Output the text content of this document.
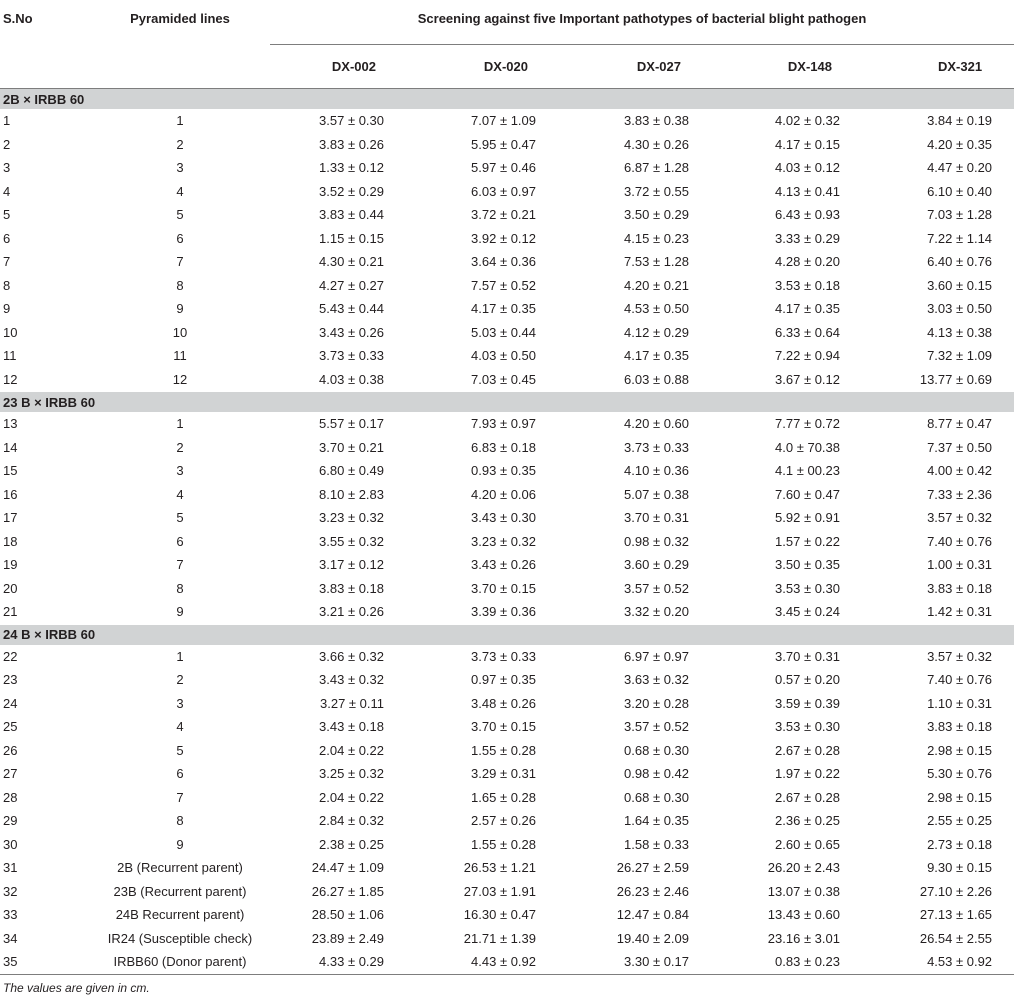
S.No	Pyramided lines	Screening against five Important pathotypes of bacterial blight pathogen				
		DX-002	DX-020	DX-027	DX-148	DX-321
2B × IRBB 60						
1	1	3.57 ± 0.30	7.07 ± 1.09	3.83 ± 0.38	4.02 ± 0.32	3.84 ± 0.19
2	2	3.83 ± 0.26	5.95 ± 0.47	4.30 ± 0.26	4.17 ± 0.15	4.20 ± 0.35
3	3	1.33 ± 0.12	5.97 ± 0.46	6.87 ± 1.28	4.03 ± 0.12	4.47 ± 0.20
4	4	3.52 ± 0.29	6.03 ± 0.97	3.72 ± 0.55	4.13 ± 0.41	6.10 ± 0.40
5	5	3.83 ± 0.44	3.72 ± 0.21	3.50 ± 0.29	6.43 ± 0.93	7.03 ± 1.28
6	6	1.15 ± 0.15	3.92 ± 0.12	4.15 ± 0.23	3.33 ± 0.29	7.22 ± 1.14
7	7	4.30 ± 0.21	3.64 ± 0.36	7.53 ± 1.28	4.28 ± 0.20	6.40 ± 0.76
8	8	4.27 ± 0.27	7.57 ± 0.52	4.20 ± 0.21	3.53 ± 0.18	3.60 ± 0.15
9	9	5.43 ± 0.44	4.17 ± 0.35	4.53 ± 0.50	4.17 ± 0.35	3.03 ± 0.50
10	10	3.43 ± 0.26	5.03 ± 0.44	4.12 ± 0.29	6.33 ± 0.64	4.13 ± 0.38
11	11	3.73 ± 0.33	4.03 ± 0.50	4.17 ± 0.35	7.22 ± 0.94	7.32 ± 1.09
12	12	4.03 ± 0.38	7.03 ± 0.45	6.03 ± 0.88	3.67 ± 0.12	13.77 ± 0.69
23 B × IRBB 60						
13	1	5.57 ± 0.17	7.93 ± 0.97	4.20 ± 0.60	7.77 ± 0.72	8.77 ± 0.47
14	2	3.70 ± 0.21	6.83 ± 0.18	3.73 ± 0.33	4.0 ± 70.38	7.37 ± 0.50
15	3	6.80 ± 0.49	0.93 ± 0.35	4.10 ± 0.36	4.1 ± 00.23	4.00 ± 0.42
16	4	8.10 ± 2.83	4.20 ± 0.06	5.07 ± 0.38	7.60 ± 0.47	7.33 ± 2.36
17	5	3.23 ± 0.32	3.43 ± 0.30	3.70 ± 0.31	5.92 ± 0.91	3.57 ± 0.32
18	6	3.55 ± 0.32	3.23 ± 0.32	0.98 ± 0.32	1.57 ± 0.22	7.40 ± 0.76
19	7	3.17 ± 0.12	3.43 ± 0.26	3.60 ± 0.29	3.50 ± 0.35	1.00 ± 0.31
20	8	3.83 ± 0.18	3.70 ± 0.15	3.57 ± 0.52	3.53 ± 0.30	3.83 ± 0.18
21	9	3.21 ± 0.26	3.39 ± 0.36	3.32 ± 0.20	3.45 ± 0.24	1.42 ± 0.31
24 B × IRBB 60						
22	1	3.66 ± 0.32	3.73 ± 0.33	6.97 ± 0.97	3.70 ± 0.31	3.57 ± 0.32
23	2	3.43 ± 0.32	0.97 ± 0.35	3.63 ± 0.32	0.57 ± 0.20	7.40 ± 0.76
24	3	3.27 ± 0.11	3.48 ± 0.26	3.20 ± 0.28	3.59 ± 0.39	1.10 ± 0.31
25	4	3.43 ± 0.18	3.70 ± 0.15	3.57 ± 0.52	3.53 ± 0.30	3.83 ± 0.18
26	5	2.04 ± 0.22	1.55 ± 0.28	0.68 ± 0.30	2.67 ± 0.28	2.98 ± 0.15
27	6	3.25 ± 0.32	3.29 ± 0.31	0.98 ± 0.42	1.97 ± 0.22	5.30 ± 0.76
28	7	2.04 ± 0.22	1.65 ± 0.28	0.68 ± 0.30	2.67 ± 0.28	2.98 ± 0.15
29	8	2.84 ± 0.32	2.57 ± 0.26	1.64 ± 0.35	2.36 ± 0.25	2.55 ± 0.25
30	9	2.38 ± 0.25	1.55 ± 0.28	1.58 ± 0.33	2.60 ± 0.65	2.73 ± 0.18
31	2B (Recurrent parent)	24.47 ± 1.09	26.53 ± 1.21	26.27 ± 2.59	26.20 ± 2.43	9.30 ± 0.15
32	23B (Recurrent parent)	26.27 ± 1.85	27.03 ± 1.91	26.23 ± 2.46	13.07 ± 0.38	27.10 ± 2.26
33	24B Recurrent parent)	28.50 ± 1.06	16.30 ± 0.47	12.47 ± 0.84	13.43 ± 0.60	27.13 ± 1.65
34	IR24 (Susceptible check)	23.89 ± 2.49	21.71 ± 1.39	19.40 ± 2.09	23.16 ± 3.01	26.54 ± 2.55
35	IRBB60 (Donor parent)	4.33 ± 0.29	4.43 ± 0.92	3.30 ± 0.17	0.83 ± 0.23	4.53 ± 0.92
The values are given in cm.
